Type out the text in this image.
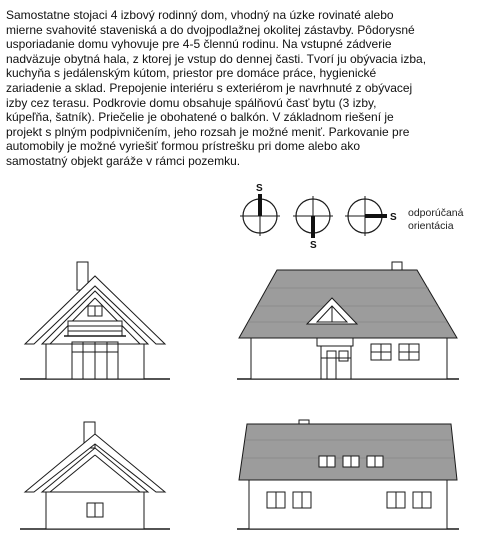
Samostatne stojaci 4 izbový rodinný dom, vhodný na úzke rovinaté alebo
mierne svahovité staveniská a do dvojpodlažnej okolitej zástavby. Pôdorysné
usporiadanie domu vyhovuje pre 4-5 člennú rodinu. Na vstupné zádverie
nadväzuje obytná hala, z ktorej je vstup do dennej časti. Tvorí ju obývacia izba,
kuchyňa s jedálenským kútom, priestor pre domáce práce, hygienické
zariadenie a sklad. Prepojenie interiéru s exteriérom je navrhnuté z obývacej
izby cez terasu. Podkrovie domu obsahuje spálňovú časť bytu (3 izby,
kúpeľňa, šatník). Priečelie je obohatené o balkón. V základnom riešení je
projekt s plným podpivničením, jeho rozsah je možné meniť. Parkovanie pre
automobily je možné vyriešiť formou prístrešku pri dome alebo ako
samostatný objekt garáže v rámci pozemku.
S
S
S odporúčaná
orientácia
